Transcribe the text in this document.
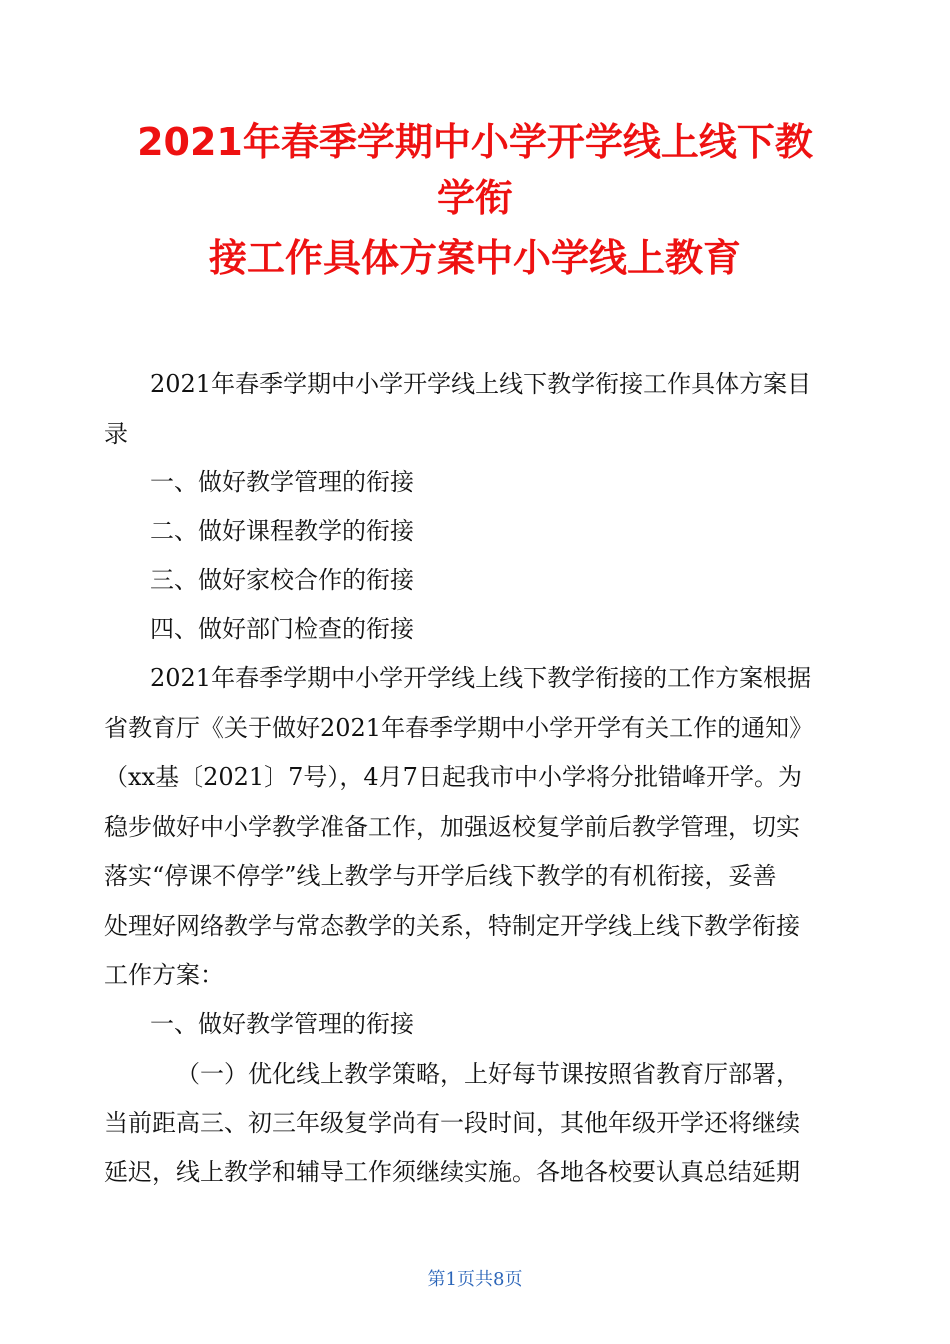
2021年春季学期中小学开学线上线下教
学衔
接工作具体方案中小学线上教育
2021年春季学期中小学开学线上线下教学衔接工作具体方案目
录
一、做好教学管理的衔接
二、做好课程教学的衔接
三、做好家校合作的衔接
四、做好部门检查的衔接
2021年春季学期中小学开学线上线下教学衔接的工作方案根据
省教育厅《关于做好2021年春季学期中小学开学有关工作的通知》
（xx基〔2021〕7号），4月7日起我市中小学将分批错峰开学。为
稳步做好中小学教学准备工作，加强返校复学前后教学管理，切实
落实“停课不停学”线上教学与开学后线下教学的有机衔接，妥善
处理好网络教学与常态教学的关系，特制定开学线上线下教学衔接
工作方案：
一、做好教学管理的衔接
（一）优化线上教学策略，上好每节课按照省教育厅部署，
当前距高三、初三年级复学尚有一段时间，其他年级开学还将继续
延迟，线上教学和辅导工作须继续实施。各地各校要认真总结延期
第1页共8页
